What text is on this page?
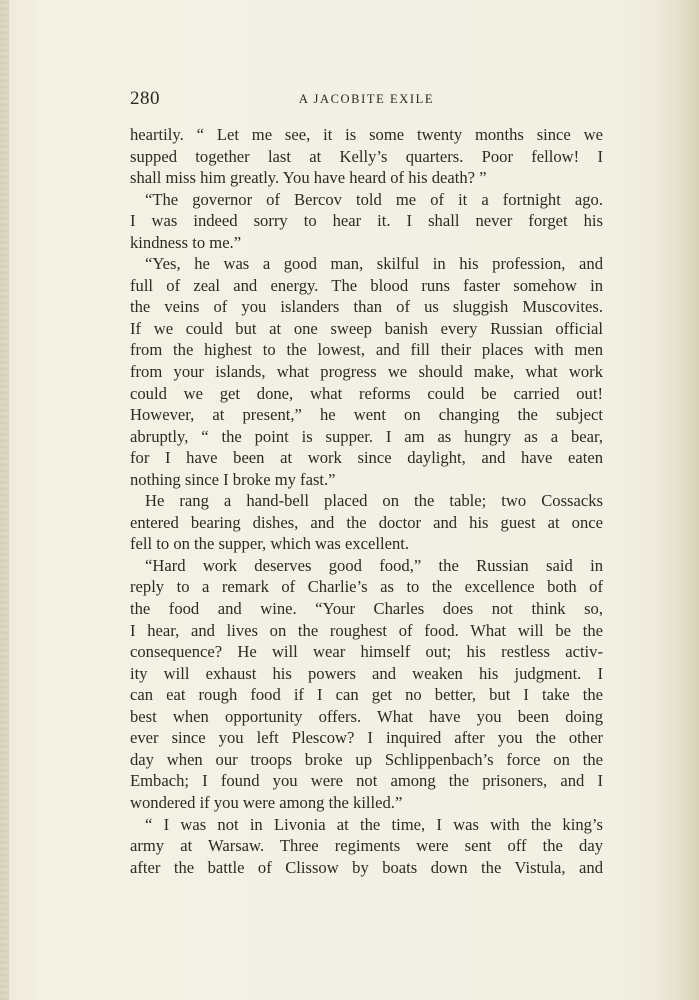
280	A JACOBITE EXILE
heartily. “ Let me see, it is some twenty months since we
supped together last at Kelly’s quarters. Poor fellow! I
shall miss him greatly. You have heard of his death? ”
“The governor of Bercov told me of it a fortnight ago.
I was indeed sorry to hear it. I shall never forget his
kindness to me.”
“Yes, he was a good man, skilful in his profession, and
full of zeal and energy. The blood runs faster somehow in
the veins of you islanders than of us sluggish Muscovites.
If we could but at one sweep banish every Russian official
from the highest to the lowest, and fill their places with men
from your islands, what progress we should make, what work
could we get done, what reforms could be carried out!
However, at present,” he went on changing the subject
abruptly, “ the point is supper. I am as hungry as a bear,
for I have been at work since daylight, and have eaten
nothing since I broke my fast.”
He rang a hand-bell placed on the table; two Cossacks
entered bearing dishes, and the doctor and his guest at once
fell to on the supper, which was excellent.
“Hard work deserves good food,” the Russian said in
reply to a remark of Charlie’s as to the excellence both of
the food and wine. “Your Charles does not think so,
I hear, and lives on the roughest of food. What will be the
consequence? He will wear himself out; his restless activ-
ity will exhaust his powers and weaken his judgment. I
can eat rough food if I can get no better, but I take the
best when opportunity offers. What have you been doing
ever since you left Plescow? I inquired after you the other
day when our troops broke up Schlippenbach’s force on the
Embach; I found you were not among the prisoners, and I
wondered if you were among the killed.”
“ I was not in Livonia at the time, I was with the king’s
army at Warsaw. Three regiments were sent off the day
after the battle of Clissow by boats down the Vistula, and
